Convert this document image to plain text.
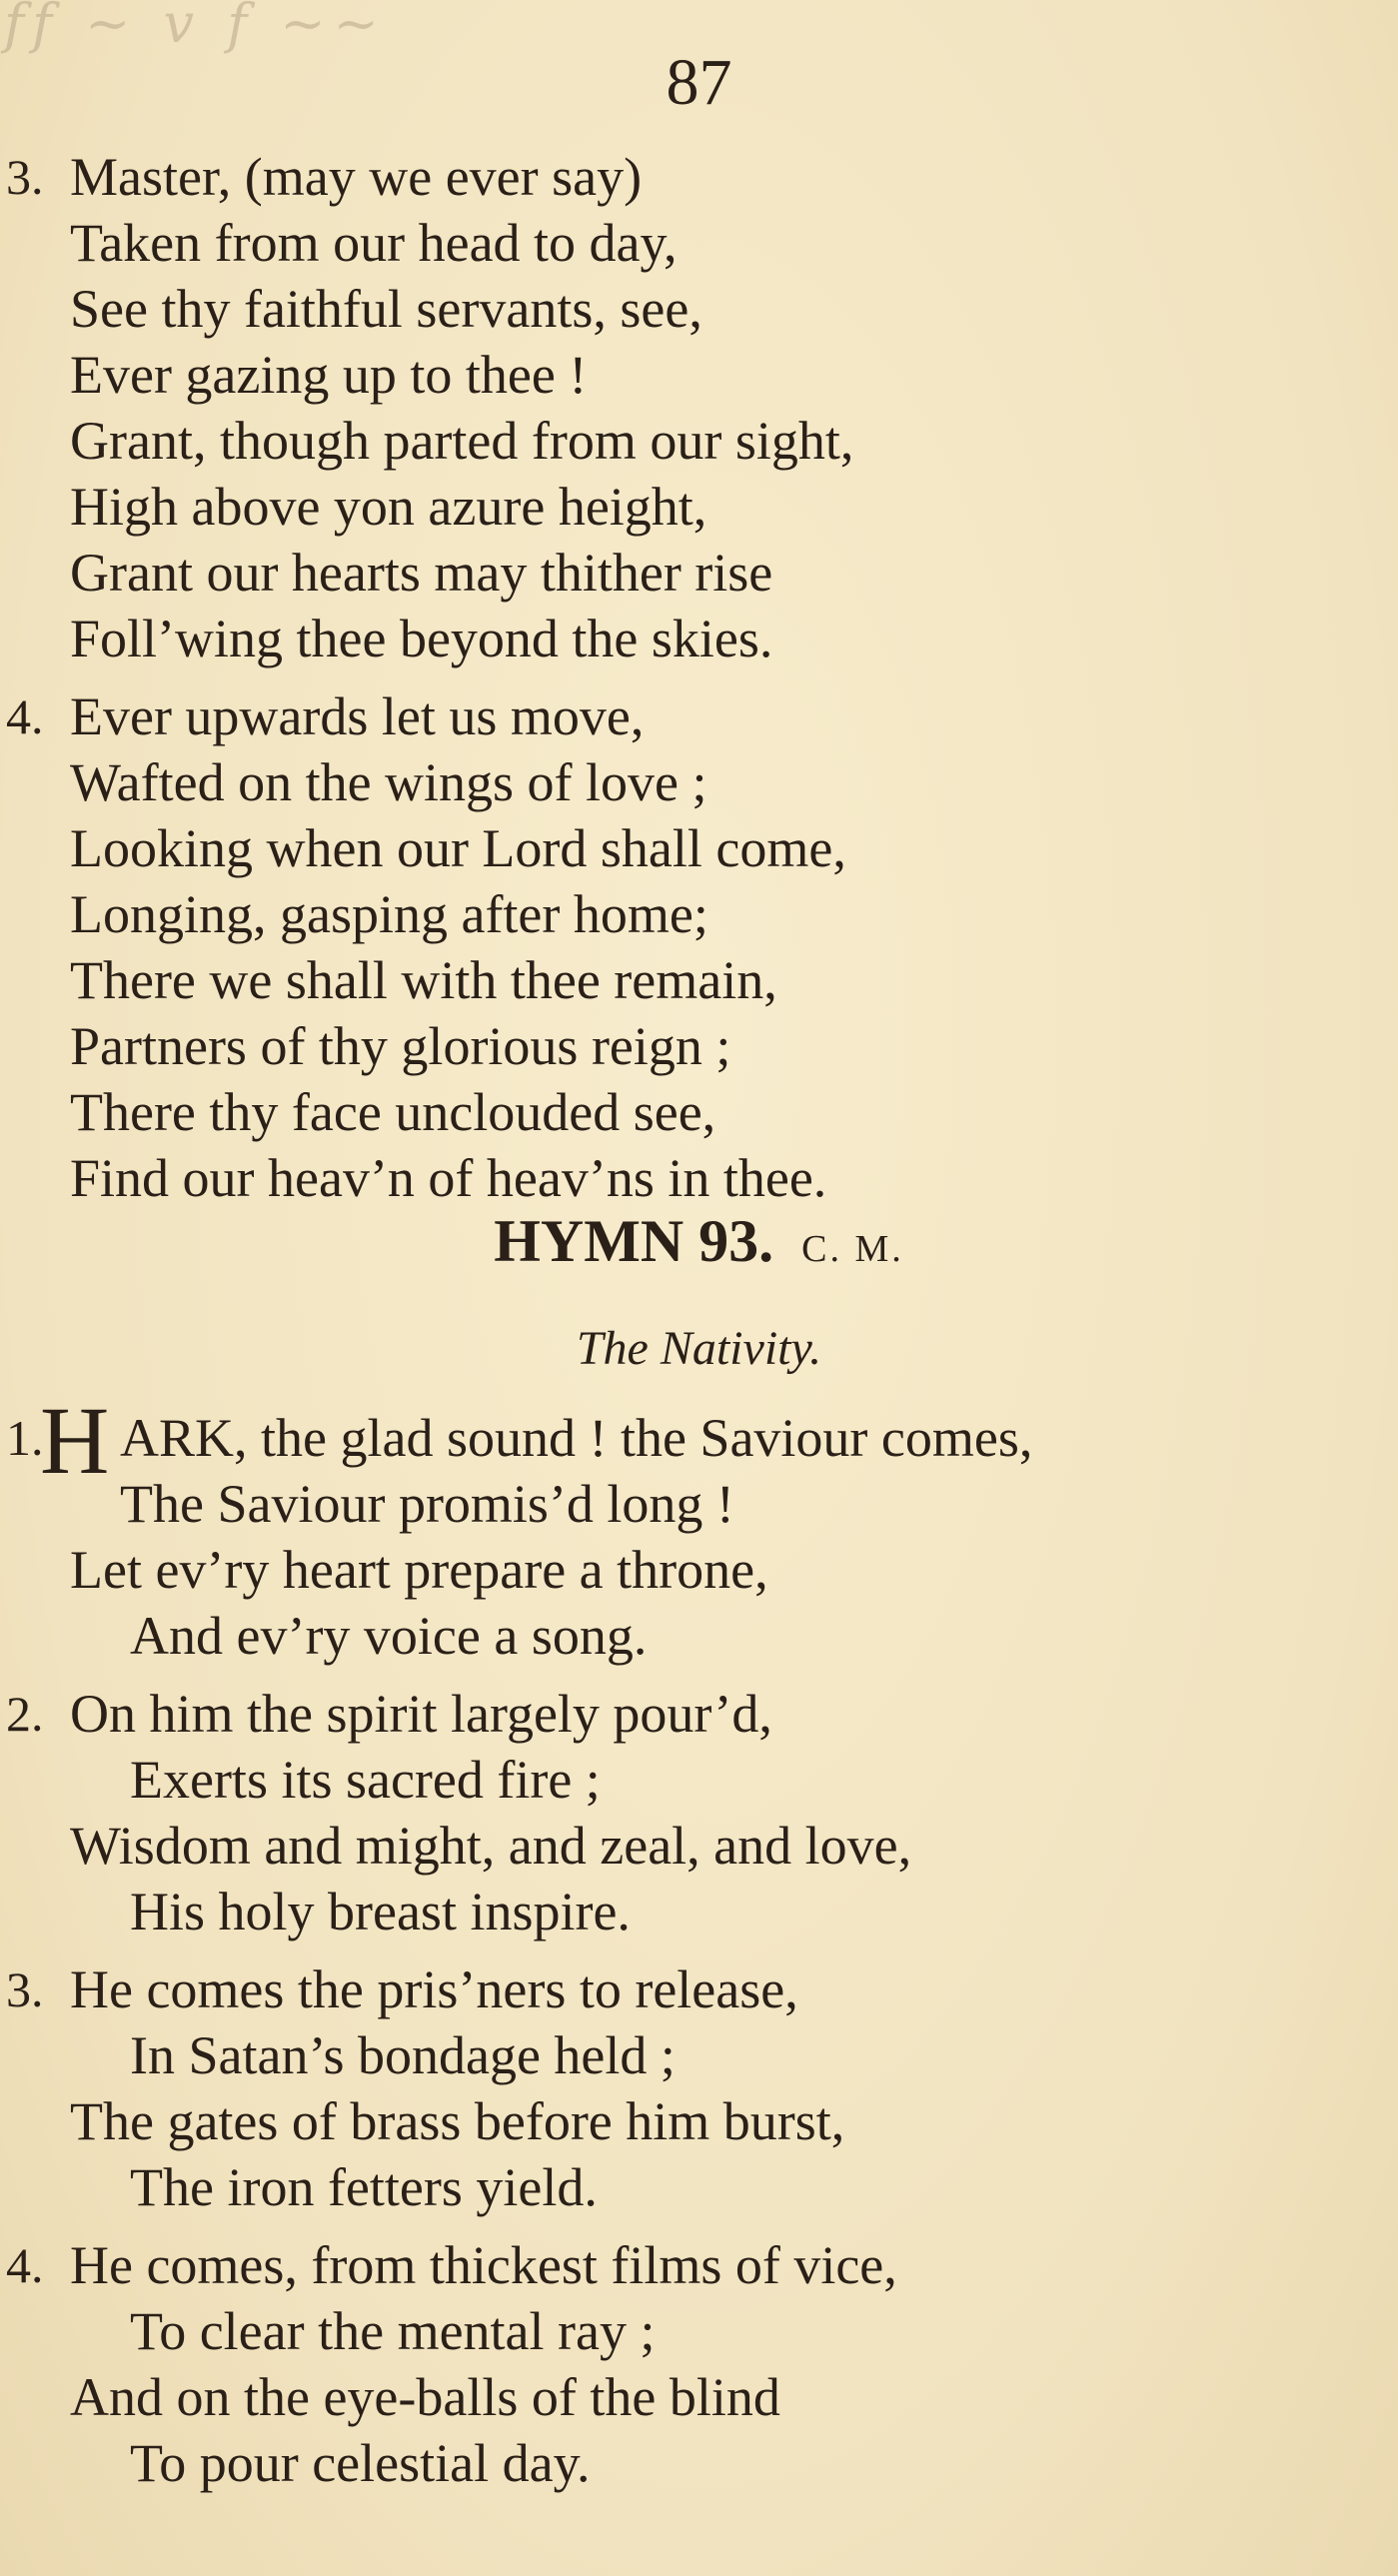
ff ~ v f ~~
87
3. Master, (may we ever say)
Taken from our head to day,
See thy faithful servants, see,
Ever gazing up to thee !
Grant, though parted from our sight,
High above yon azure height,
Grant our hearts may thither rise
Foll’wing thee beyond the skies.
4. Ever upwards let us move,
Wafted on the wings of love ;
Looking when our Lord shall come,
Longing, gasping after home;
There we shall with thee remain,
Partners of thy glorious reign ;
There thy face unclouded see,
Find our heav’n of heav’ns in thee.
HYMN 93. C. M.
The Nativity.
1.
H ARK, the glad sound ! the Saviour comes,
The Saviour promis’d long !
Let ev’ry heart prepare a throne,
And ev’ry voice a song.
2. On him the spirit largely pour’d,
Exerts its sacred fire ;
Wisdom and might, and zeal, and love,
His holy breast inspire.
3. He comes the pris’ners to release,
In Satan’s bondage held ;
The gates of brass before him burst,
The iron fetters yield.
4. He comes, from thickest films of vice,
To clear the mental ray ;
And on the eye-balls of the blind
To pour celestial day.
